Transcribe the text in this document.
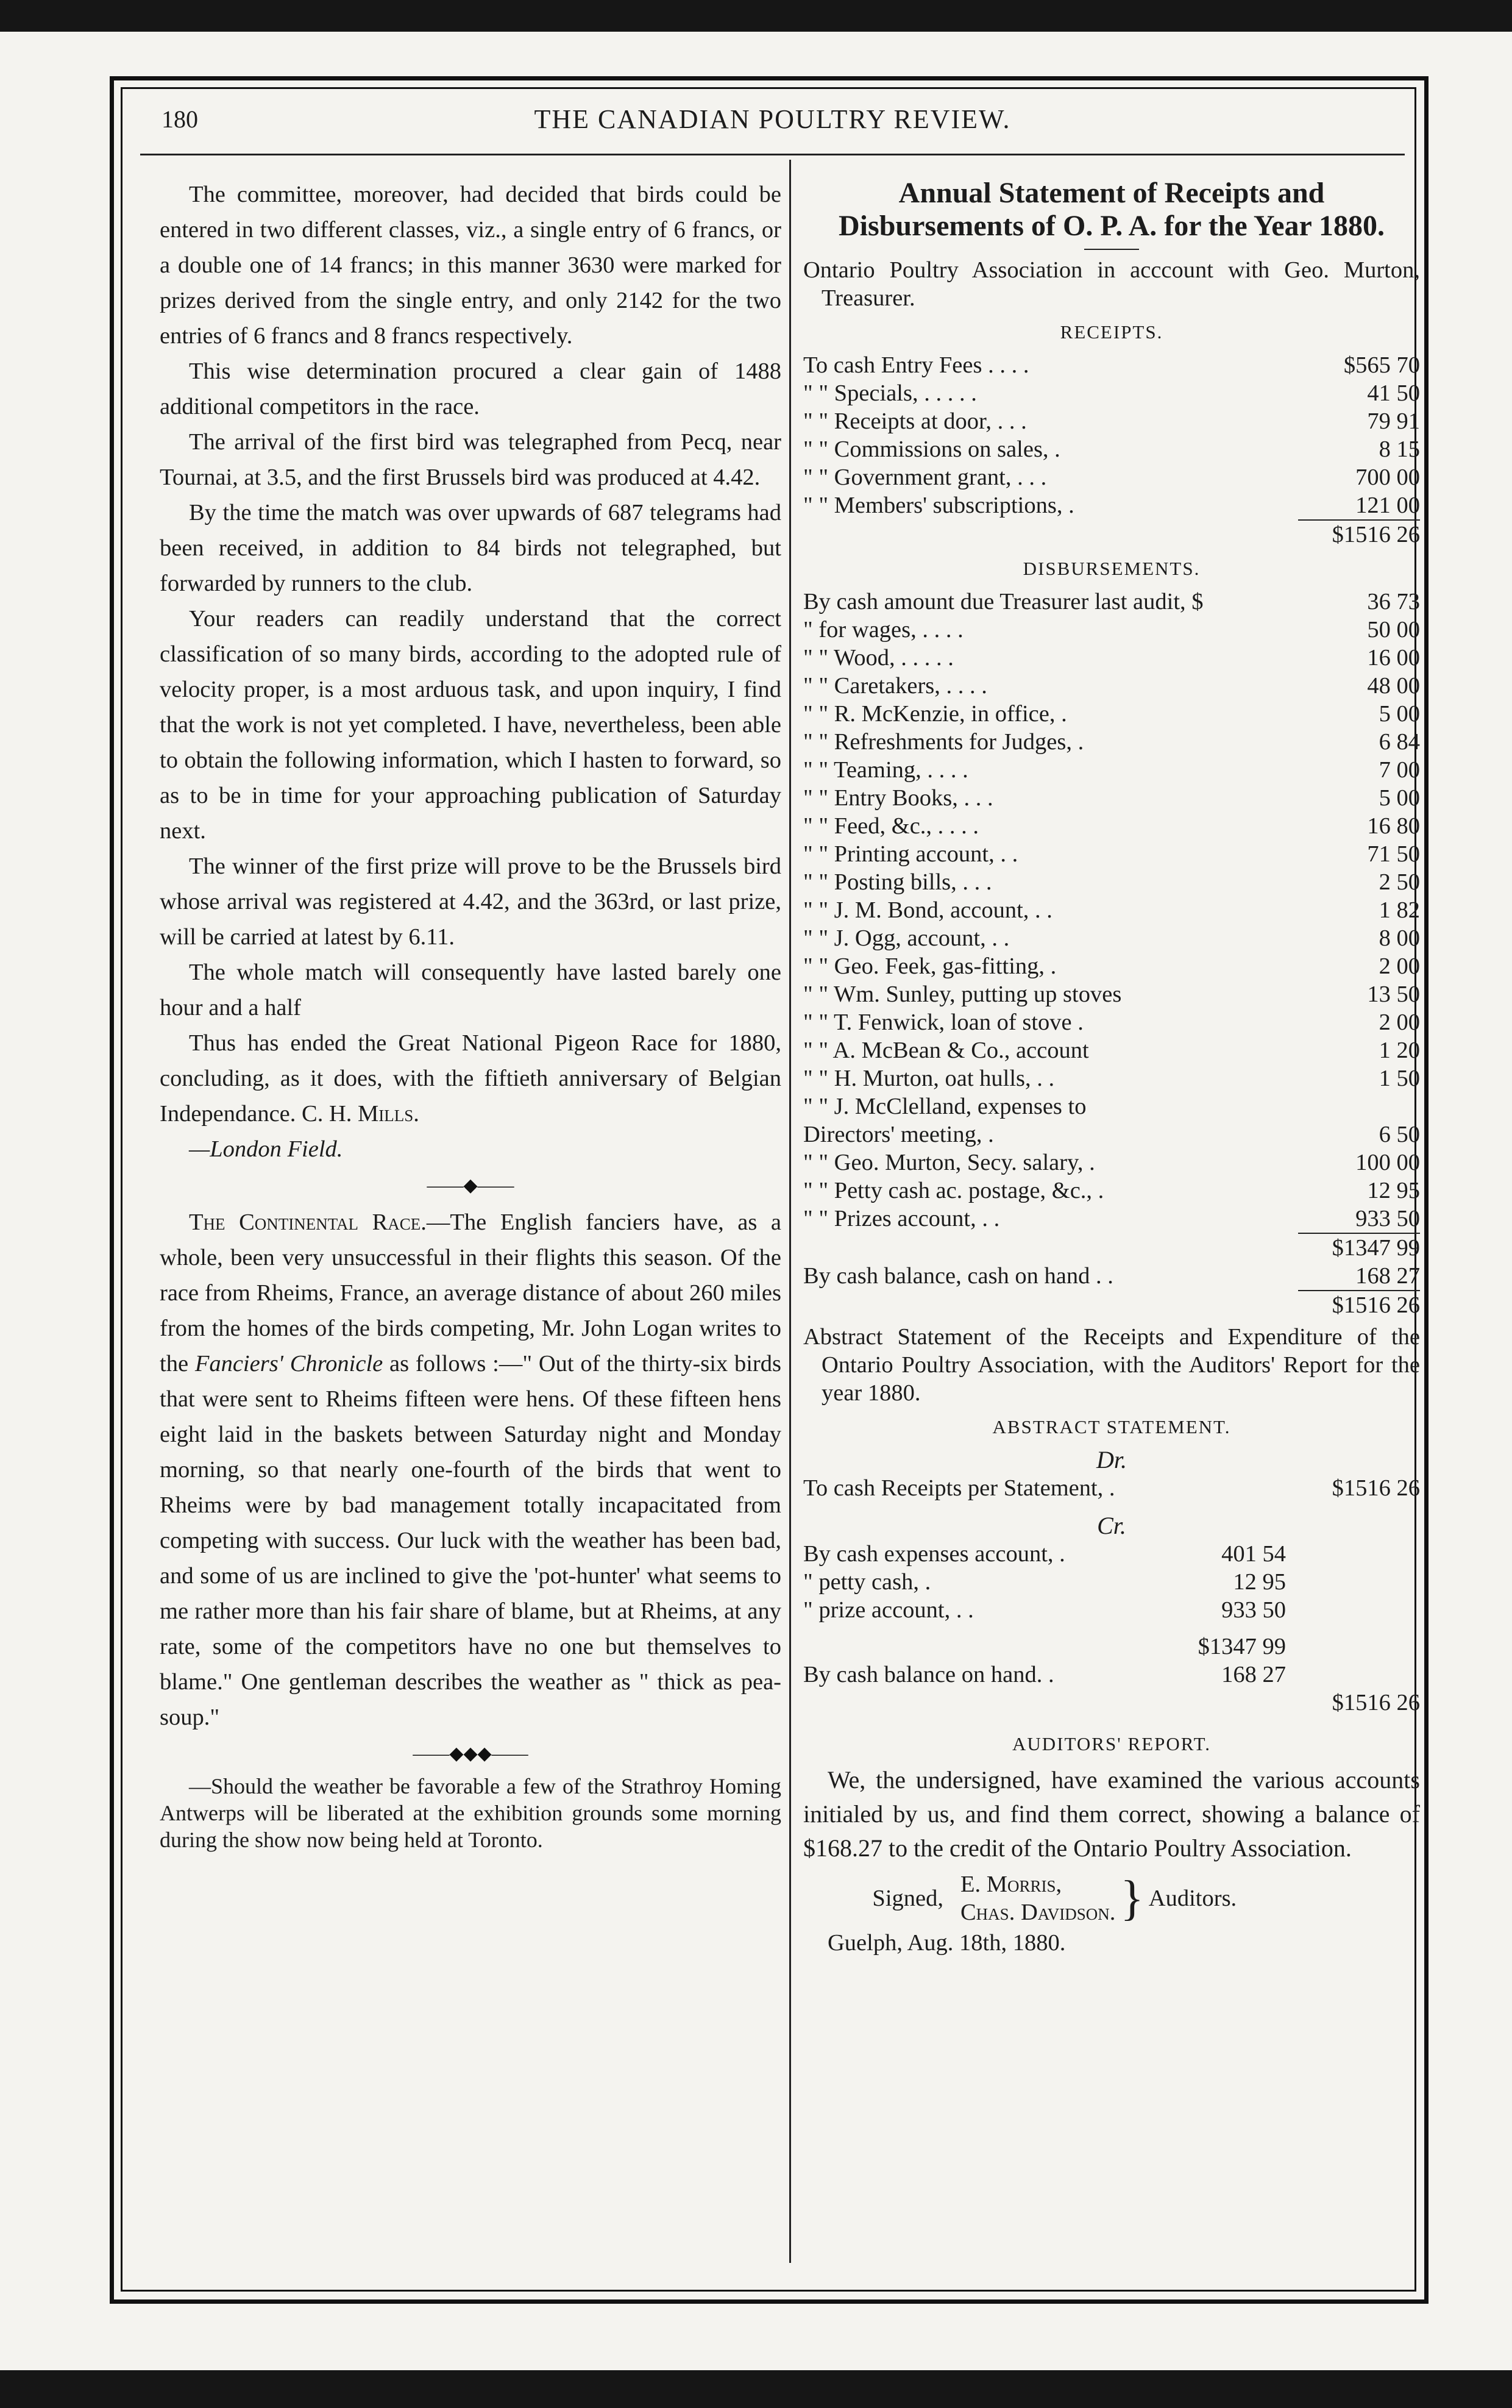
180	THE CANADIAN POULTRY REVIEW.

The committee, moreover, had decided that birds could be entered in two different classes, viz., a single entry of 6 francs, or a double one of 14 francs; in this manner 3630 were marked for prizes derived from the single entry, and only 2142 for the two entries of 6 francs and 8 francs respectively.

This wise determination procured a clear gain of 1488 additional competitors in the race.

The arrival of the first bird was telegraphed from Pecq, near Tournai, at 3.5, and the first Brussels bird was produced at 4.42.

By the time the match was over upwards of 687 telegrams had been received, in addition to 84 birds not telegraphed, but forwarded by runners to the club.

Your readers can readily understand that the correct classification of so many birds, according to the adopted rule of velocity proper, is a most arduous task, and upon inquiry, I find that the work is not yet completed. I have, nevertheless, been able to obtain the following information, which I hasten to forward, so as to be in time for your approaching publication of Saturday next.

The winner of the first prize will prove to be the Brussels bird whose arrival was registered at 4.42, and the 363rd, or last prize, will be carried at latest by 6.11.

The whole match will consequently have lasted barely one hour and a half

Thus has ended the Great National Pigeon Race for 1880, concluding, as it does, with the fiftieth anniversary of Belgian Independance. C. H. Mills.

—London Field.

——◆——

The Continental Race.—The English fanciers have, as a whole, been very unsuccessful in their flights this season. Of the race from Rheims, France, an average distance of about 260 miles from the homes of the birds competing, Mr. John Logan writes to the Fanciers' Chronicle as follows :—" Out of the thirty-six birds that were sent to Rheims fifteen were hens. Of these fifteen hens eight laid in the baskets between Saturday night and Monday morning, so that nearly one-fourth of the birds that went to Rheims were by bad management totally incapacitated from competing with success. Our luck with the weather has been bad, and some of us are inclined to give the 'pot-hunter' what seems to me rather more than his fair share of blame, but at Rheims, at any rate, some of the competitors have no one but themselves to blame." One gentleman describes the weather as " thick as pea-soup."

——◆◆◆——

—Should the weather be favorable a few of the Strathroy Homing Antwerps will be liberated at the exhibition grounds some morning during the show now being held at Toronto.

Annual Statement of Receipts and Disbursements of O. P. A. for the Year 1880.

Ontario Poultry Association in acccount with Geo. Murton, Treasurer.

RECEIPTS.
To cash Entry Fees . . . .	$565 70
" " Specials, . . . . .	41 50
" " Receipts at door, . . .	79 91
" " Commissions on sales, .	8 15
" " Government grant, . . .	700 00
" " Members' subscriptions, .	121 00
$1516 26
DISBURSEMENTS.
By cash amount due Treasurer last audit, $	36 73
" for wages, . . . .	50 00
" " Wood, . . . . .	16 00
" " Caretakers, . . . .	48 00
" " R. McKenzie, in office, .	5 00
" " Refreshments for Judges, .	6 84
" " Teaming, . . . .	7 00
" " Entry Books, . . .	5 00
" " Feed, &c., . . . .	16 80
" " Printing account, . .	71 50
" " Posting bills, . . .	2 50
" " J. M. Bond, account, . .	1 82
" " J. Ogg, account, . .	8 00
" " Geo. Feek, gas-fitting, .	2 00
" " Wm. Sunley, putting up stoves	13 50
" " T. Fenwick, loan of stove .	2 00
" " A. McBean & Co., account	1 20
" " H. Murton, oat hulls, . .	1 50
" " J. McClelland, expenses to
Directors' meeting, .	6 50
" " Geo. Murton, Secy. salary, .	100 00
" " Petty cash ac. postage, &c., .	12 95
" " Prizes account, . .	933 50
$1347 99
By cash balance, cash on hand . .	168 27
$1516 26

Abstract Statement of the Receipts and Expenditure of the Ontario Poultry Association, with the Auditors' Report for the year 1880.

ABSTRACT STATEMENT.
Dr.
To cash Receipts per Statement, .	$1516 26
Cr.
By cash expenses account, .	401 54
" petty cash, .	12 95
" prize account, . .	933 50
$1347 99
By cash balance on hand. .	168 27
$1516 26
AUDITORS' REPORT.

We, the undersigned, have examined the various accounts initialed by us, and find them correct, showing a balance of $168.27 to the credit of the Ontario Poultry Association.

Signed,
E. Morris,
Chas. Davidson. } Auditors.
Guelph, Aug. 18th, 1880.
